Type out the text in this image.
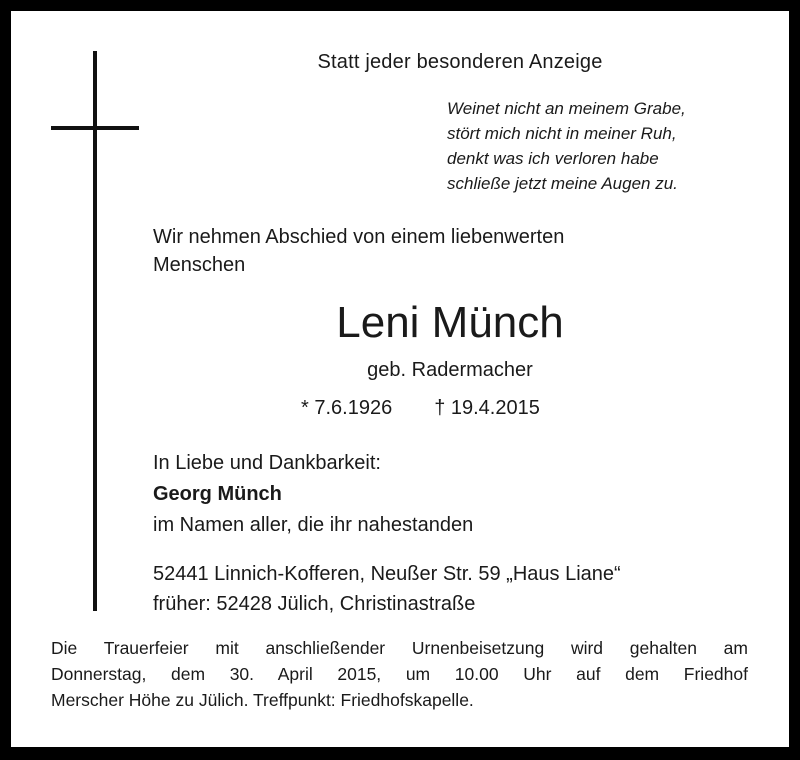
Statt jeder besonderen Anzeige
Weinet nicht an meinem Grabe,
stört mich nicht in meiner Ruh,
denkt was ich verloren habe
schließe jetzt meine Augen zu.
Wir nehmen Abschied von einem liebenwerten
Menschen
Leni Münch
geb. Radermacher
* 7.6.1926 † 19.4.2015
In Liebe und Dankbarkeit:
Georg Münch
im Namen aller, die ihr nahestanden
52441 Linnich-Kofferen, Neußer Str. 59 „Haus Liane“
früher: 52428 Jülich, Christinastraße
Die Trauerfeier mit anschließender Urnenbeisetzung wird gehalten am
Donnerstag, dem 30. April 2015, um 10.00 Uhr auf dem Friedhof
Merscher Höhe zu Jülich. Treffpunkt: Friedhofskapelle.
